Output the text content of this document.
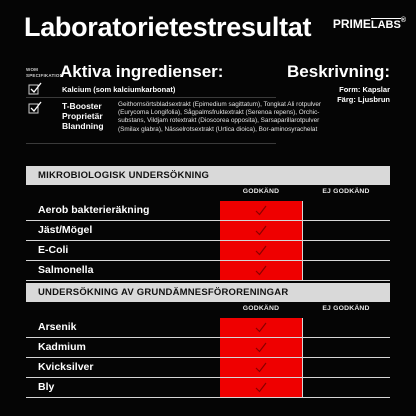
Laboratorietestresultat PRIMELABS®
WOM
SPECIFIKATION
Aktiva ingredienser:	Beskrivning:
Kalcium (som kalciumkarbonat)
T-Booster
Proprietär
Blandning
Geithornsörtsbladsextrakt (Epimedium sagittatum), Tongkat Ali rotpulver (Eurycoma Longifolia), Sågpalmsfruktextrakt (Serenoa repens), Orchic-substans, Vildjam rotextrakt (Dioscorea opposita), Sarsaparillarotpulver (Smilax glabra), Nässelrotsextrakt (Urtica dioica), Bor-aminosyrachelat
Form: Kapslar
Färg: Ljusbrun
MIKROBIOLOGISK UNDERSÖKNING
GODKÄND	EJ GODKÄND
Aerob bakterieräkning
Jäst/Mögel
E-Coli
Salmonella
UNDERSÖKNING AV GRUNDÄMNESFÖRORENINGAR
GODKÄND	EJ GODKÄND
Arsenik
Kadmium
Kvicksilver
Bly
